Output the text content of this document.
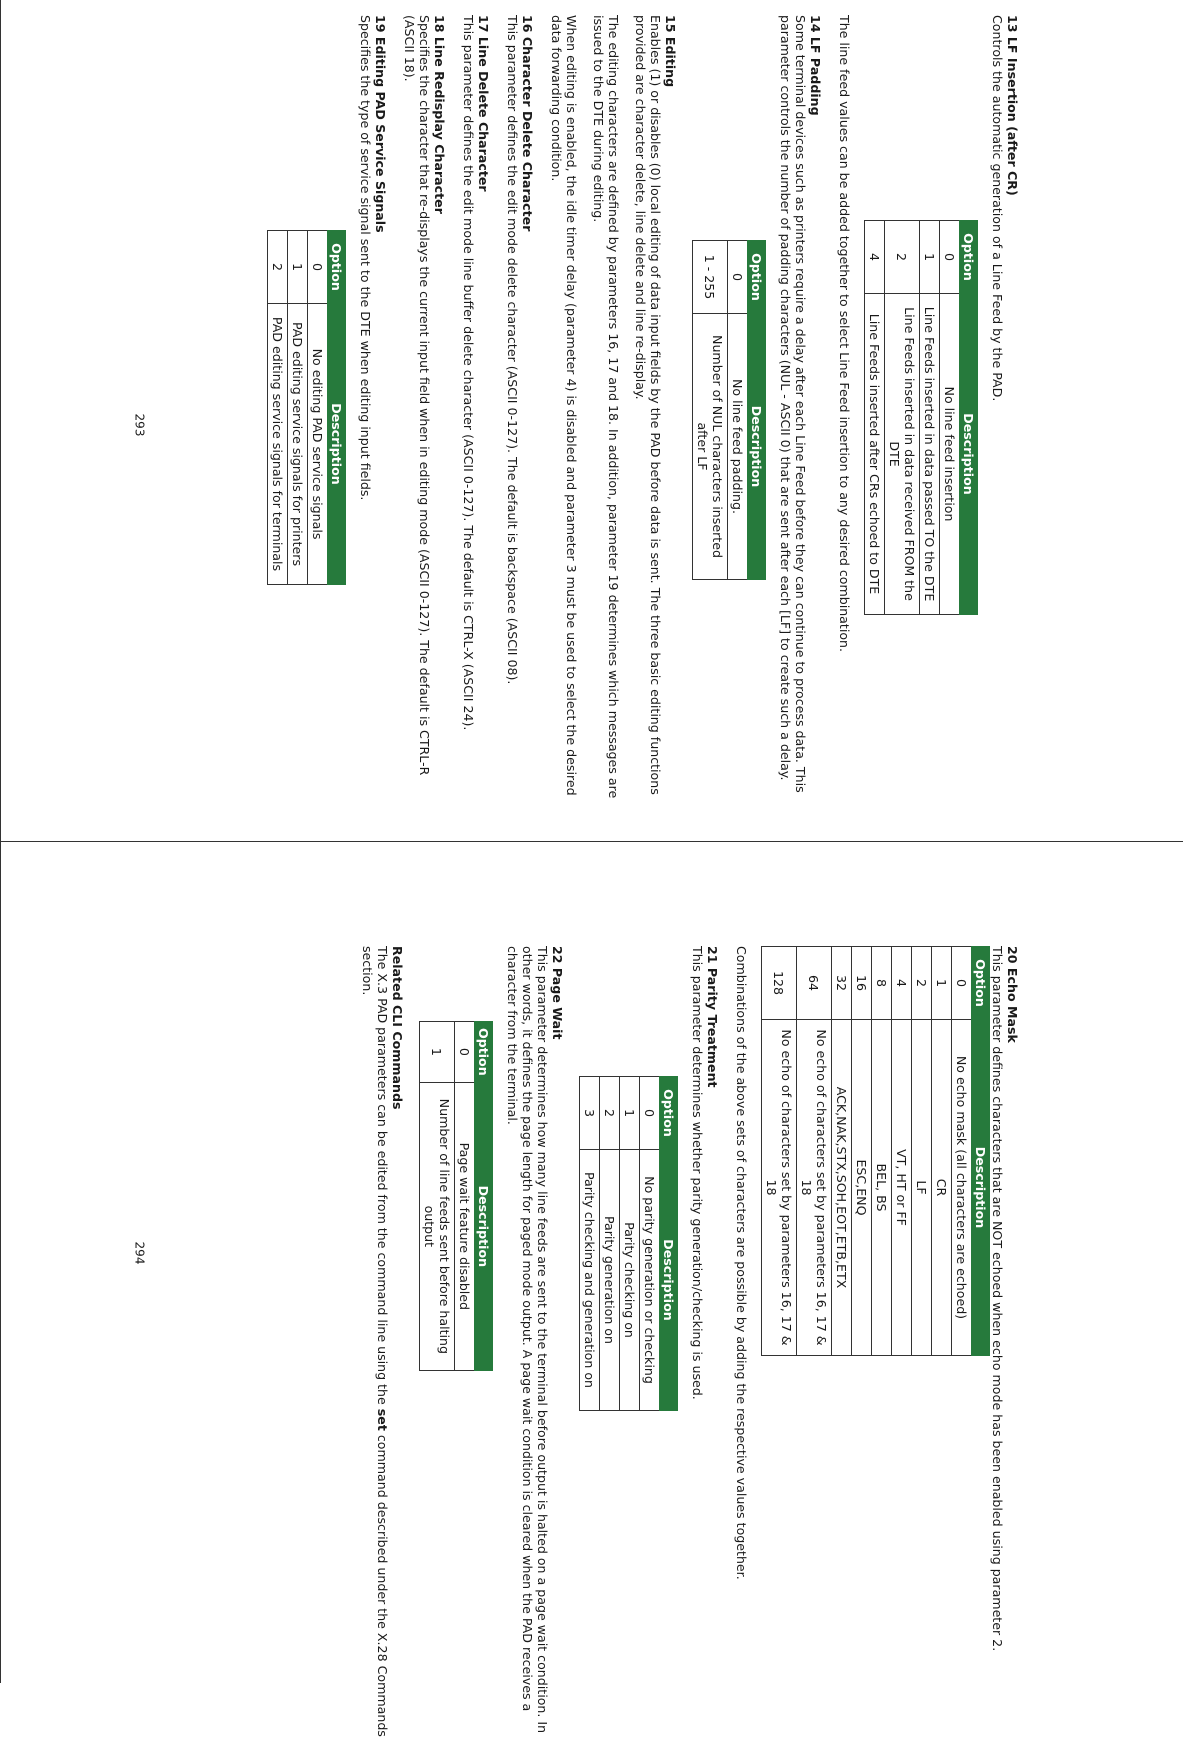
13 LF Insertion (after CR)

Controls the automatic generation of a Line Feed by the PAD.

Option	Description
0	No line feed insertion
1	Line Feeds inserted in data passed TO the DTE
2	Line Feeds inserted in data received FROM the DTE
4	Line Feeds inserted after CRs echoed to DTE

The line feed values can be added together to select Line Feed insertion to any desired combination.

14 LF Padding

Some terminal devices such as printers require a delay after each Line Feed before they can continue to process data. This parameter controls the number of padding characters (NUL - ASCII 0) that are sent after each [LF] to create such a delay.

Option	Description
0	No line feed padding.
1 - 255	Number of NUL characters inserted after LF
15 Editing

Enables (1) or disables (0) local editing of data input fields by the PAD before data is sent. The three basic editing functions provided are character delete, line delete and line re-display.

The editing characters are defined by parameters 16, 17 and 18. In addition, parameter 19 determines which messages are issued to the DTE during editing.

When editing is enabled, the idle timer delay (parameter 4) is disabled and parameter 3 must be used to select the desired data forwarding condition.

16 Character Delete Character

This parameter defines the edit mode delete character (ASCII 0-127). The default is backspace (ASCII 08).

17 Line Delete Character

This parameter defines the edit mode line buffer delete character (ASCII 0-127). The default is CTRL-X (ASCII 24).

18 Line Redisplay Character

Specifies the character that re-displays the current input field when in editing mode (ASCII 0-127). The default is CTRL-R (ASCII 18).

19 Editing PAD Service Signals

Specifies the type of service signal sent to the DTE when editing input fields.

Option	Description
0	No editing PAD service signals
1	PAD editing service signals for printers
2	PAD editing service signals for terminals
293
294
20 Echo Mask

This parameter defines characters that are NOT echoed when echo mode has been enabled using parameter 2.

Option	Description
0	No echo mask (all characters are echoed)
1	CR
2	LF
4	VT, HT or FF
8	BEL, BS
16	ESC,ENQ
32	ACK,NAK,STX,SOH,EOT,ETB,ETX
64	No echo of characters set by parameters 16, 17 & 18
128	No echo of characters set by parameters 16, 17 & 18

Combinations of the above sets of characters are possible by adding the respective values together.

21 Parity Treatment

This parameter determines whether parity generation/checking is used.

Option	Description
0	No parity generation or checking
1	Parity checking on
2	Parity generation on
3	Parity checking and generation on
22 Page Wait

This parameter determines how many line feeds are sent to the terminal before output is halted on a page wait condition. In other words, it defines the page length for paged mode output. A page wait condition is cleared when the PAD receives a character from the terminal.

Option	Description
0	Page wait feature disabled
1	Number of line feeds sent before halting output
Related CLI Commands

The X.3 PAD parameters can be edited from the command line using the set command described under the X.28 Commands section.
